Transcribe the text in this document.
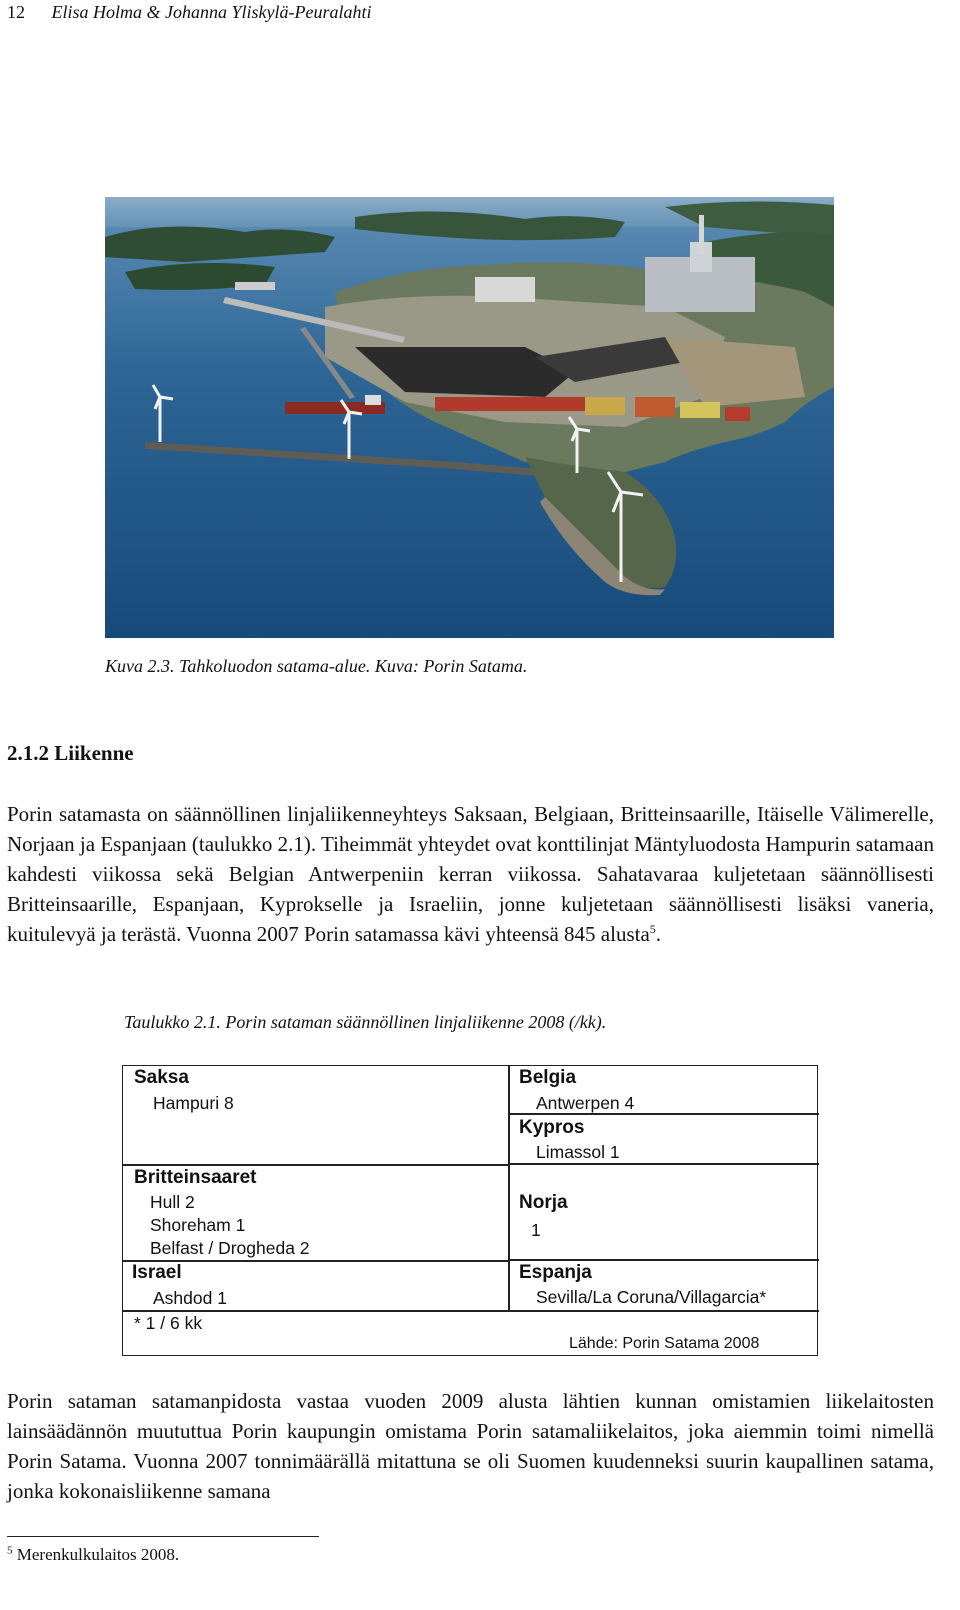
12 Elisa Holma & Johanna Yliskylä-Peuralahti
Kuva 2.3. Tahkoluodon satama-alue. Kuva: Porin Satama.
2.1.2 Liikenne

Porin satamasta on säännöllinen linjaliikenneyhteys Saksaan, Belgiaan, Britteinsaarille, Itäiselle Välimerelle, Norjaan ja Espanjaan (taulukko 2.1). Tiheimmät yhteydet ovat konttilinjat Mäntyluodosta Hampurin satamaan kahdesti viikossa sekä Belgian Antwerpeniin kerran viikossa. Sahatavaraa kuljetetaan säännöllisesti Britteinsaarille, Espanjaan, Kyprokselle ja Israeliin, jonne kuljetetaan säännöllisesti lisäksi vaneria, kuitulevyä ja terästä. Vuonna 2007 Porin satamassa kävi yhteensä 845 alusta$^5$.

Taulukko 2.1. Porin sataman säännöllinen linjaliikenne 2008 (/kk).
Saksa
Hampuri 8
Britteinsaaret
Hull 2
Shoreham 1
Belfast / Drogheda 2
Israel
Ashdod 1
* 1 / 6 kk
Belgia
Antwerpen 4
Kypros
Limassol 1
Norja
1
Espanja
Sevilla/La Coruna/Villagarcia*
Lähde: Porin Satama 2008

Porin sataman satamanpidosta vastaa vuoden 2009 alusta lähtien kunnan omistamien liikelaitosten lainsäädännön muututtua Porin kaupungin omistama Porin satamaliikelaitos, joka aiemmin toimi nimellä Porin Satama. Vuonna 2007 tonnimäärällä mitattuna se oli Suomen kuudenneksi suurin kaupallinen satama, jonka kokonaisliikenne samana

$^5$ Merenkulkulaitos 2008.
